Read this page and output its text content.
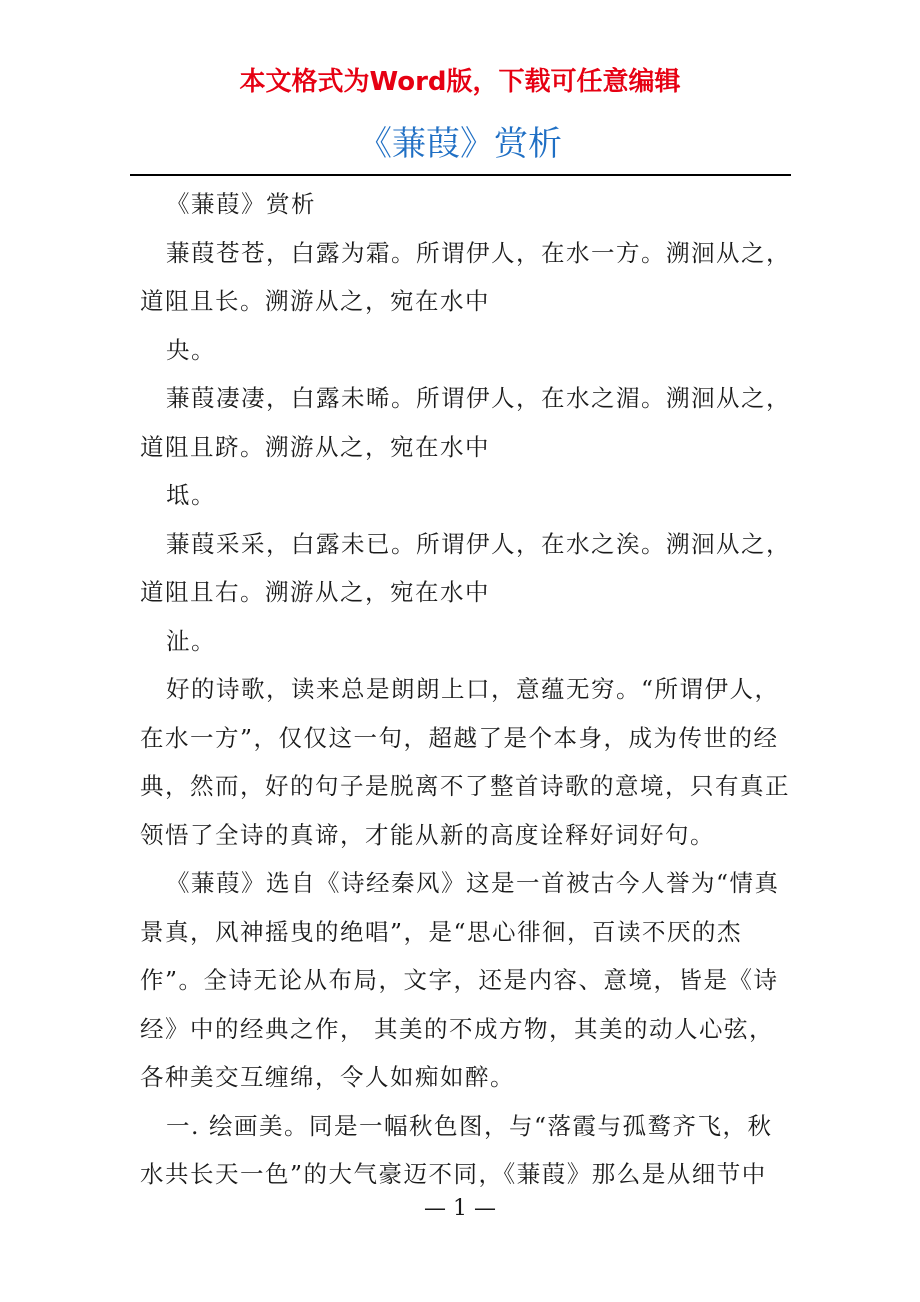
本文格式为Word版，下载可任意编辑
《蒹葭》赏析

《蒹葭》赏析

蒹葭苍苍，白露为霜。所谓伊人，在水一方。溯洄从之，

道阻且长。溯游从之，宛在水中

央。

蒹葭凄凄，白露未晞。所谓伊人，在水之湄。溯洄从之，

道阻且跻。溯游从之，宛在水中

坻。

蒹葭采采，白露未已。所谓伊人，在水之涘。溯洄从之，

道阻且右。溯游从之，宛在水中

沚。

好的诗歌，读来总是朗朗上口，意蕴无穷。“所谓伊人，在水一方”，仅仅这一句，超越了是个本身，成为传世的经典，然而，好的句子是脱离不了整首诗歌的意境，只有真正领悟了全诗的真谛，才能从新的高度诠释好词好句。

《蒹葭》选自《诗经秦风》这是一首被古今人誉为“情真景真，风神摇曳的绝唱”，是“思心徘徊，百读不厌的杰作”。全诗无论从布局，文字，还是内容、意境，皆是《诗经》中的经典之作， 其美的不成方物，其美的动人心弦，各种美交互缠绵，令人如痴如醉。

一. 绘画美。同是一幅秋色图，与“落霞与孤鹜齐飞，秋水共长天一色”的大气豪迈不同，《蒹葭》那么是从细节中

— 1 —
